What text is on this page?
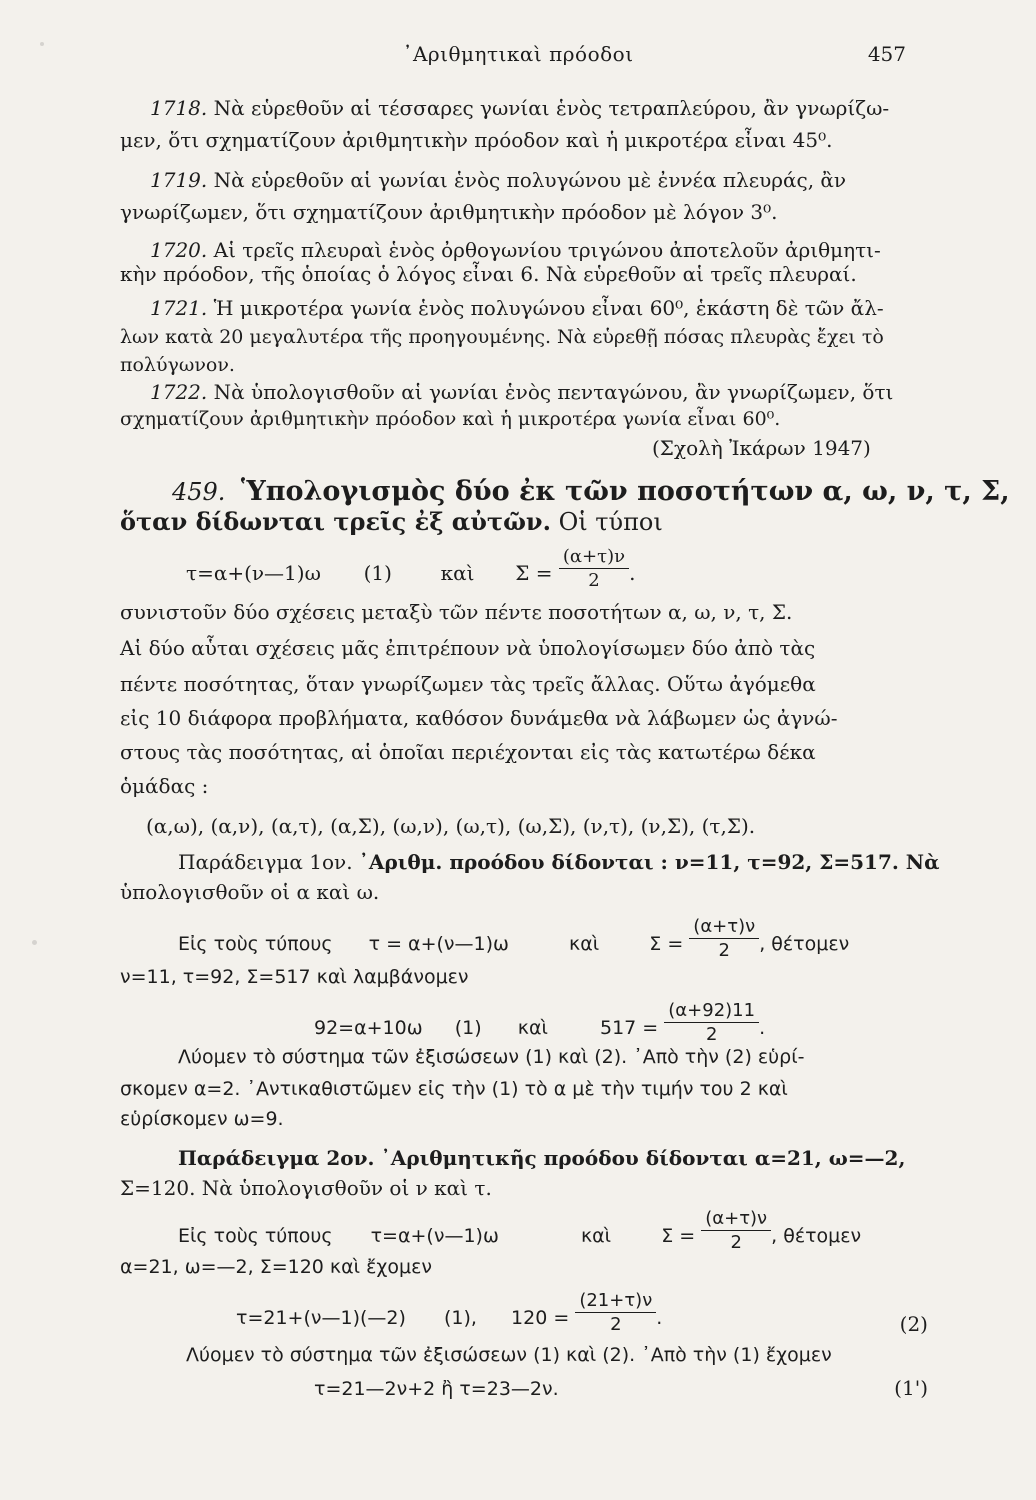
᾿Αριθμητικαὶ πρόοδοι	457
1718. Νὰ εὑρεθοῦν αἱ τέσσαρες γωνίαι ἑνὸς τετραπλεύρου, ἂν γνωρίζω-
μεν, ὅτι σχηματίζουν ἀριθμητικὴν πρόοδον καὶ ἡ μικροτέρα εἶναι 45⁰.
1719. Νὰ εὑρεθοῦν αἱ γωνίαι ἑνὸς πολυγώνου μὲ ἐννέα πλευράς, ἂν
γνωρίζωμεν, ὅτι σχηματίζουν ἀριθμητικὴν πρόοδον μὲ λόγον 3⁰.
1720. Αἱ τρεῖς πλευραὶ ἑνὸς ὀρθογωνίου τριγώνου ἀποτελοῦν ἀριθμητι-
κὴν πρόοδον, τῆς ὁποίας ὁ λόγος εἶναι 6. Νὰ εὑρεθοῦν αἱ τρεῖς πλευραί.
1721. Ἡ μικροτέρα γωνία ἑνὸς πολυγώνου εἶναι 60⁰, ἑκάστη δὲ τῶν ἄλ-
λων κατὰ 20 μεγαλυτέρα τῆς προηγουμένης. Νὰ εὑρεθῇ πόσας πλευρὰς ἔχει τὸ
πολύγωνον.
1722. Νὰ ὑπολογισθοῦν αἱ γωνίαι ἑνὸς πενταγώνου, ἂν γνωρίζωμεν, ὅτι
σχηματίζουν ἀριθμητικὴν πρόοδον καὶ ἡ μικροτέρα γωνία εἶναι 60⁰.
(Σχολὴ Ἰκάρων 1947)
459. Ὑπολογισμὸς δύο ἐκ τῶν ποσοτήτων α, ω, ν, τ, Σ,
ὅταν δίδωνται τρεῖς ἐξ αὐτῶν. Οἱ τύποι
τ=α+(ν—1)ω (1) καὶ $\Sigma = \frac{(\alpha+\tau)\nu}{2}$ .
συνιστοῦν δύο σχέσεις μεταξὺ τῶν πέντε ποσοτήτων α, ω, ν, τ, Σ.
Αἱ δύο αὗται σχέσεις μᾶς ἐπιτρέπουν νὰ ὑπολογίσωμεν δύο ἀπὸ τὰς
πέντε ποσότητας, ὅταν γνωρίζωμεν τὰς τρεῖς ἄλλας. Οὕτω ἀγόμεθα
εἰς 10 διάφορα προβλήματα, καθόσον δυνάμεθα νὰ λάβωμεν ὡς ἀγνώ-
στους τὰς ποσότητας, αἱ ὁποῖαι περιέχονται εἰς τὰς κατωτέρω δέκα
ὁμάδας :
(α,ω), (α,ν), (α,τ), (α,Σ), (ω,ν), (ω,τ), (ω,Σ), (ν,τ), (ν,Σ), (τ,Σ).
Παράδειγμα 1ον. ᾿Αριθμ. προόδου δίδονται : ν=11, τ=92, Σ=517. Νὰ
ὑπολογισθοῦν οἱ α καὶ ω.
Εἰς τοὺς τύπους τ = α+(ν—1)ω	καὶ	$\Sigma = \frac{(\alpha+\tau)\nu}{2}$ , θέτομεν
ν=11, τ=92, Σ=517 καὶ λαμβάνομεν
92=α+10ω (1) καὶ	$517 = \frac{(\alpha+92)11}{2}$ .
Λύομεν τὸ σύστημα τῶν ἐξισώσεων (1) καὶ (2). ᾿Απὸ τὴν (2) εὑρί-
σκομεν α=2. ᾿Αντικαθιστῶμεν εἰς τὴν (1) τὸ α μὲ τὴν τιμήν του 2 καὶ
εὑρίσκομεν ω=9.
Παράδειγμα 2ον. ᾿Αριθμητικῆς προόδου δίδονται α=21, ω=—2,
Σ=120. Νὰ ὑπολογισθοῦν οἱ ν καὶ τ.
Εἰς τοὺς τύπους τ=α+(ν—1)ω	καὶ	$\Sigma = \frac{(\alpha+\tau)\nu}{2}$ , θέτομεν
α=21, ω=—2, Σ=120 καὶ ἔχομεν
τ=21+(ν—1)(—2) (1), $120 = \frac{(21+\tau)\nu}{2}$ .	(2)
Λύομεν τὸ σύστημα τῶν ἐξισώσεων (1) καὶ (2). ᾿Απὸ τὴν (1) ἔχομεν
τ=21—2ν+2 ἢ τ=23—2ν.	(1')
